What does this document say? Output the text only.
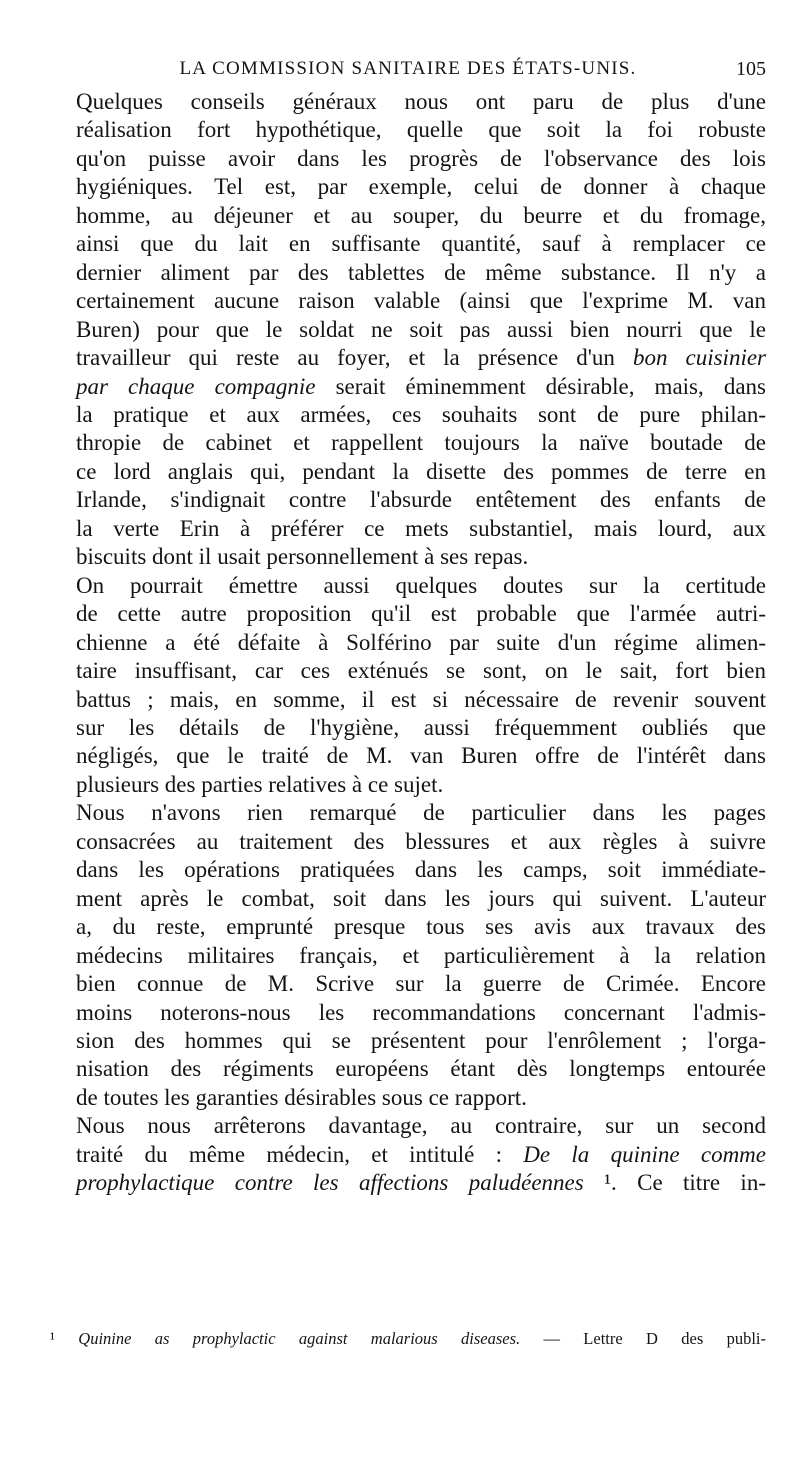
LA COMMISSION SANITAIRE DES ÉTATS-UNIS.	105

Quelques conseils généraux nous ont paru de plus d'une
réalisation fort hypothétique, quelle que soit la foi robuste
qu'on puisse avoir dans les progrès de l'observance des lois
hygiéniques. Tel est, par exemple, celui de donner à chaque
homme, au déjeuner et au souper, du beurre et du fromage,
ainsi que du lait en suffisante quantité, sauf à remplacer ce
dernier aliment par des tablettes de même substance. Il n'y a
certainement aucune raison valable (ainsi que l'exprime M. van
Buren) pour que le soldat ne soit pas aussi bien nourri que le
travailleur qui reste au foyer, et la présence d'un bon cuisinier
par chaque compagnie serait éminemment désirable, mais, dans
la pratique et aux armées, ces souhaits sont de pure philan-
thropie de cabinet et rappellent toujours la naïve boutade de
ce lord anglais qui, pendant la disette des pommes de terre en
Irlande, s'indignait contre l'absurde entêtement des enfants de
la verte Erin à préférer ce mets substantiel, mais lourd, aux
biscuits dont il usait personnellement à ses repas.

On pourrait émettre aussi quelques doutes sur la certitude
de cette autre proposition qu'il est probable que l'armée autri-
chienne a été défaite à Solférino par suite d'un régime alimen-
taire insuffisant, car ces exténués se sont, on le sait, fort bien
battus ; mais, en somme, il est si nécessaire de revenir souvent
sur les détails de l'hygiène, aussi fréquemment oubliés que
négligés, que le traité de M. van Buren offre de l'intérêt dans
plusieurs des parties relatives à ce sujet.

Nous n'avons rien remarqué de particulier dans les pages
consacrées au traitement des blessures et aux règles à suivre
dans les opérations pratiquées dans les camps, soit immédiate-
ment après le combat, soit dans les jours qui suivent. L'auteur
a, du reste, emprunté presque tous ses avis aux travaux des
médecins militaires français, et particulièrement à la relation
bien connue de M. Scrive sur la guerre de Crimée. Encore
moins noterons-nous les recommandations concernant l'admis-
sion des hommes qui se présentent pour l'enrôlement ; l'orga-
nisation des régiments européens étant dès longtemps entourée
de toutes les garanties désirables sous ce rapport.

Nous nous arrêterons davantage, au contraire, sur un second
traité du même médecin, et intitulé : De la quinine comme
prophylactique contre les affections paludéennes ¹. Ce titre in-

¹ Quinine as prophylactic against malarious diseases. — Lettre D des publi-
